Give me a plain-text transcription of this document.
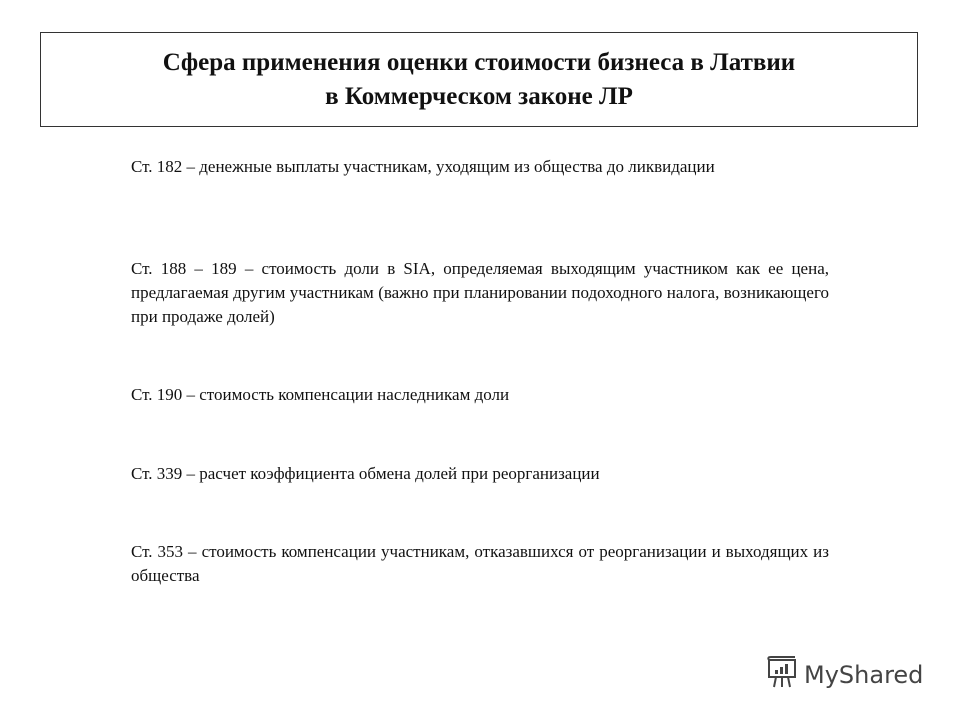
Сфера применения оценки стоимости бизнеса в Латвии
в Коммерческом законе ЛР

Ст. 182 – денежные выплаты участникам, уходящим из общества до ликвидации

Ст. 188 – 189 – стоимость доли в SIA, определяемая выходящим участником как ее цена, предлагаемая другим участникам (важно при планировании подоходного налога, возникающего при продаже долей)

Ст. 190 – стоимость компенсации наследникам доли

Ст. 339 – расчет коэффициента обмена долей при реорганизации

Ст. 353 – стоимость компенсации участникам, отказавшихся от реорганизации и выходящих из общества

MyShared
